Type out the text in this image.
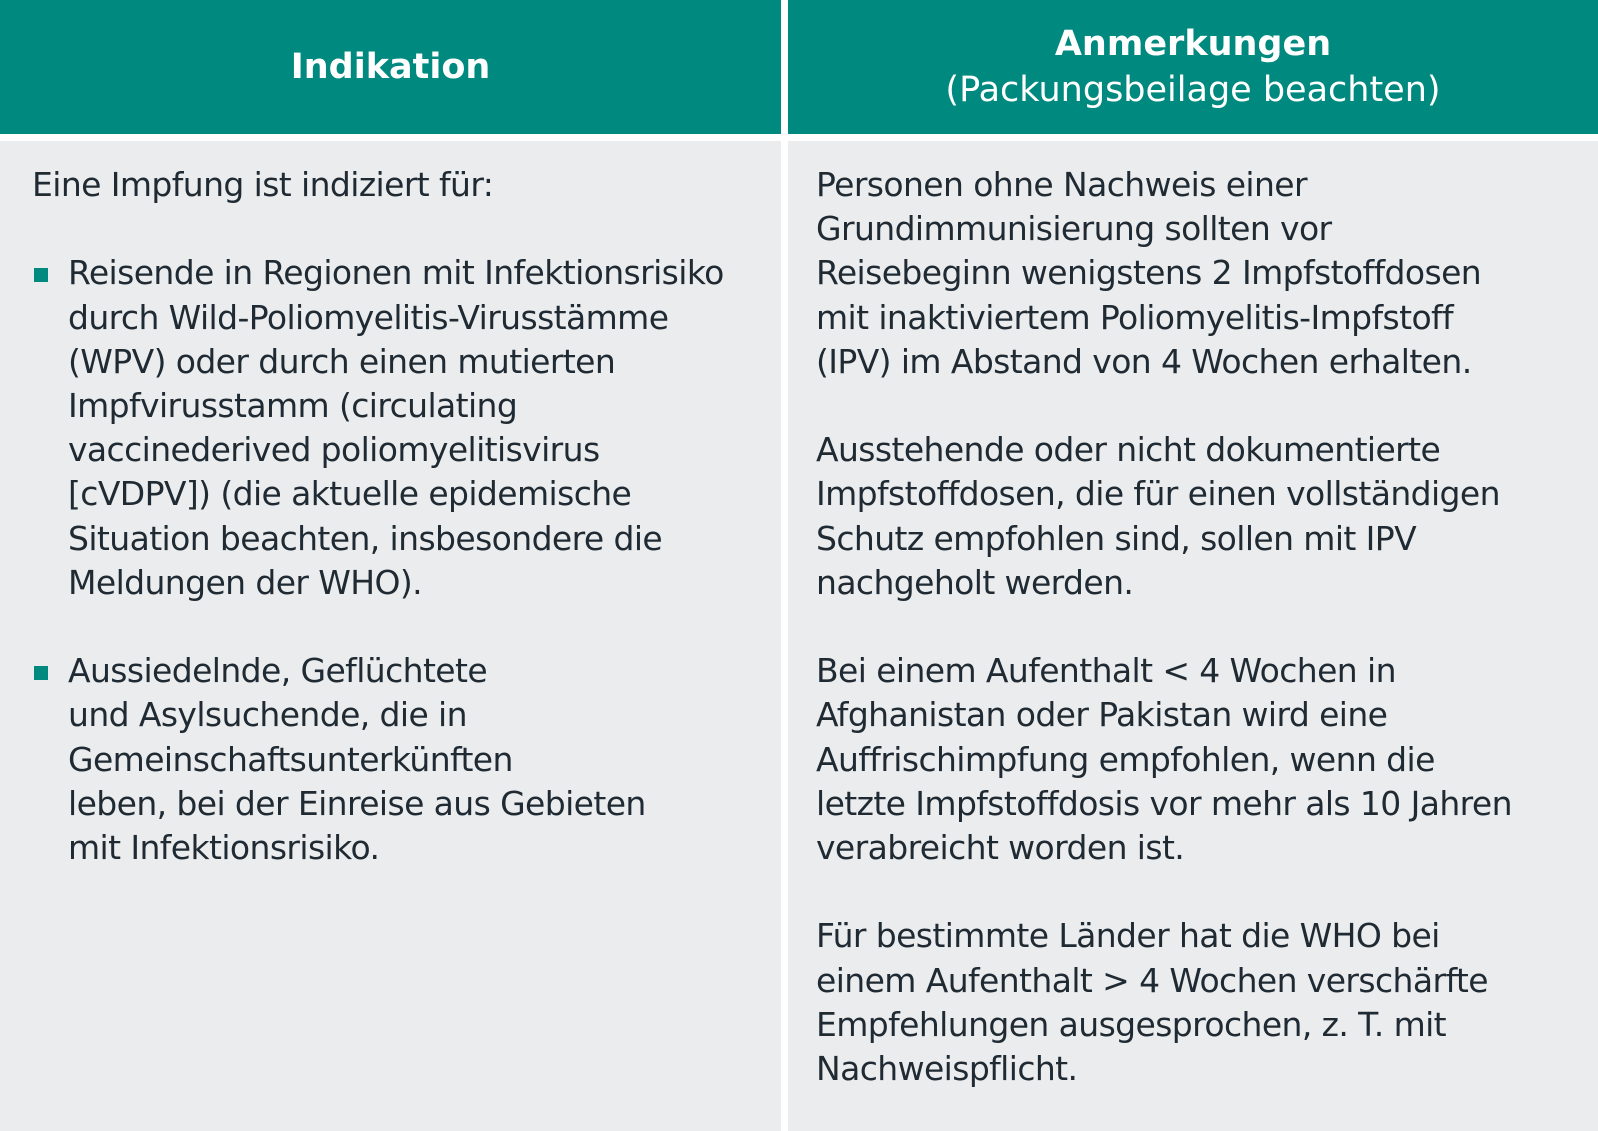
Indikation
Anmerkungen
(Packungsbeilage beachten)
Eine Impfung ist indiziert für:
Reisende in Regionen mit Infektionsrisiko
durch Wild-Poliomyelitis-Virusstämme
(WPV) oder durch einen mutierten
Impfvirusstamm (circulating
vaccinederived poliomyelitisvirus
[cVDPV]) (die aktuelle epidemische
Situation beachten, insbesondere die
Meldungen der WHO).
Aussiedelnde, Geflüchtete
und Asylsuchende, die in
Gemeinschaftsunterkünften
leben, bei der Einreise aus Gebieten
mit Infektionsrisiko.
Personen ohne Nachweis einer
Grundimmunisierung sollten vor
Reisebeginn wenigstens 2 Impfstoffdosen
mit inaktiviertem Poliomyelitis-Impfstoff
(IPV) im Abstand von 4 Wochen erhalten.
Ausstehende oder nicht dokumentierte
Impfstoffdosen, die für einen vollständigen
Schutz empfohlen sind, sollen mit IPV
nachgeholt werden.
Bei einem Aufenthalt < 4 Wochen in
Afghanistan oder Pakistan wird eine
Auffrischimpfung empfohlen, wenn die
letzte Impfstoffdosis vor mehr als 10 Jahren
verabreicht worden ist.
Für bestimmte Länder hat die WHO bei
einem Aufenthalt > 4 Wochen verschärfte
Empfehlungen ausgesprochen, z. T. mit
Nachweispflicht.
